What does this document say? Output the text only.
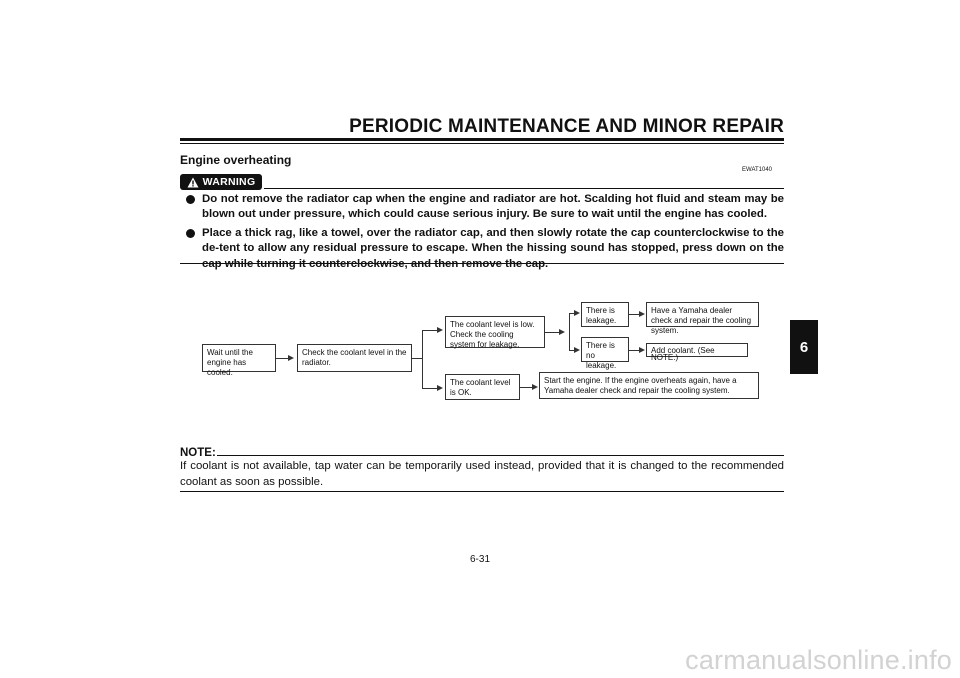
PERIODIC MAINTENANCE AND MINOR REPAIR
6
Engine overheating
EWAT1040
WARNING
Do not remove the radiator cap when the engine and radiator are hot. Scalding hot fluid and steam may be blown out under pressure, which could cause serious injury. Be sure to wait until the engine has cooled.
Place a thick rag, like a towel, over the radiator cap, and then slowly rotate the cap counterclockwise to the de-tent to allow any residual pressure to escape. When the hissing sound has stopped, press down on the
Wait until the engine has cooled.
Check the coolant level in the radiator.
The coolant level is low. Check the cooling system for leakage.
The coolant level is OK.
There is leakage.
There is no leakage.
Have a Yamaha dealer check and repair the cooling system.
Add coolant. (See NOTE.)
Start the engine. If the engine overheats again, have a Yamaha dealer check and repair the cooling system.
NOTE:
If coolant is not available, tap water can be temporarily used instead, provided that it is changed to the recommended coolant as soon as possible.
6-31
carmanualsonline.info
